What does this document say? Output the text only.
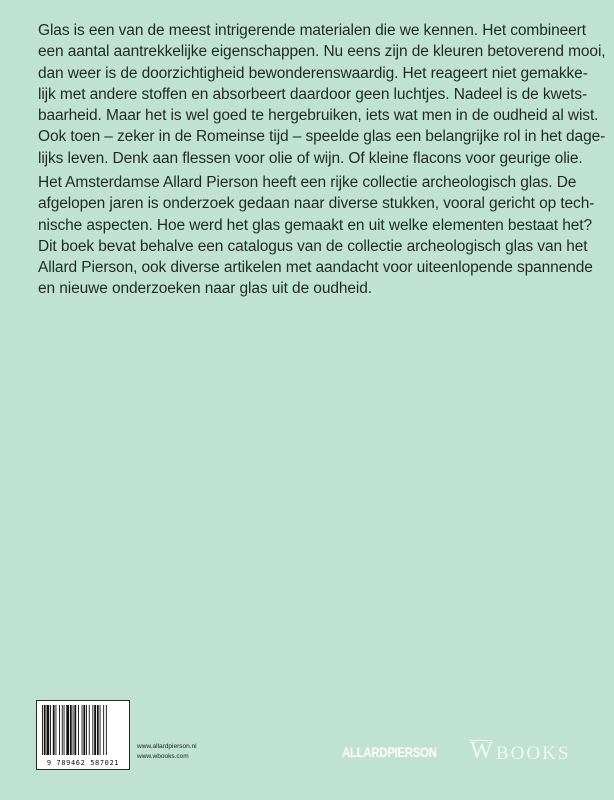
Glas is een van de meest intrigerende materialen die we kennen. Het combineert
een aantal aantrekkelijke eigenschappen. Nu eens zijn de kleuren betoverend mooi,
dan weer is de doorzichtigheid bewonderenswaardig. Het reageert niet gemakke-
lijk met andere stoffen en absorbeert daardoor geen luchtjes. Nadeel is de kwets-
baarheid. Maar het is wel goed te hergebruiken, iets wat men in de oudheid al wist.
Ook toen – zeker in de Romeinse tijd – speelde glas een belangrijke rol in het dage-
lijks leven. Denk aan flessen voor olie of wijn. Of kleine flacons voor geurige olie.

Het Amsterdamse Allard Pierson heeft een rijke collectie archeologisch glas. De
afgelopen jaren is onderzoek gedaan naar diverse stukken, vooral gericht op tech-
nische aspecten. Hoe werd het glas gemaakt en uit welke elementen bestaat het?
Dit boek bevat behalve een catalogus van de collectie archeologisch glas van het
Allard Pierson, ook diverse artikelen met aandacht voor uiteenlopende spannende
en nieuwe onderzoeken naar glas uit de oudheid.

9 789462 587021
www.allardpierson.nl
www.wbooks.com	ALLARDPIERSON W BOOKS
